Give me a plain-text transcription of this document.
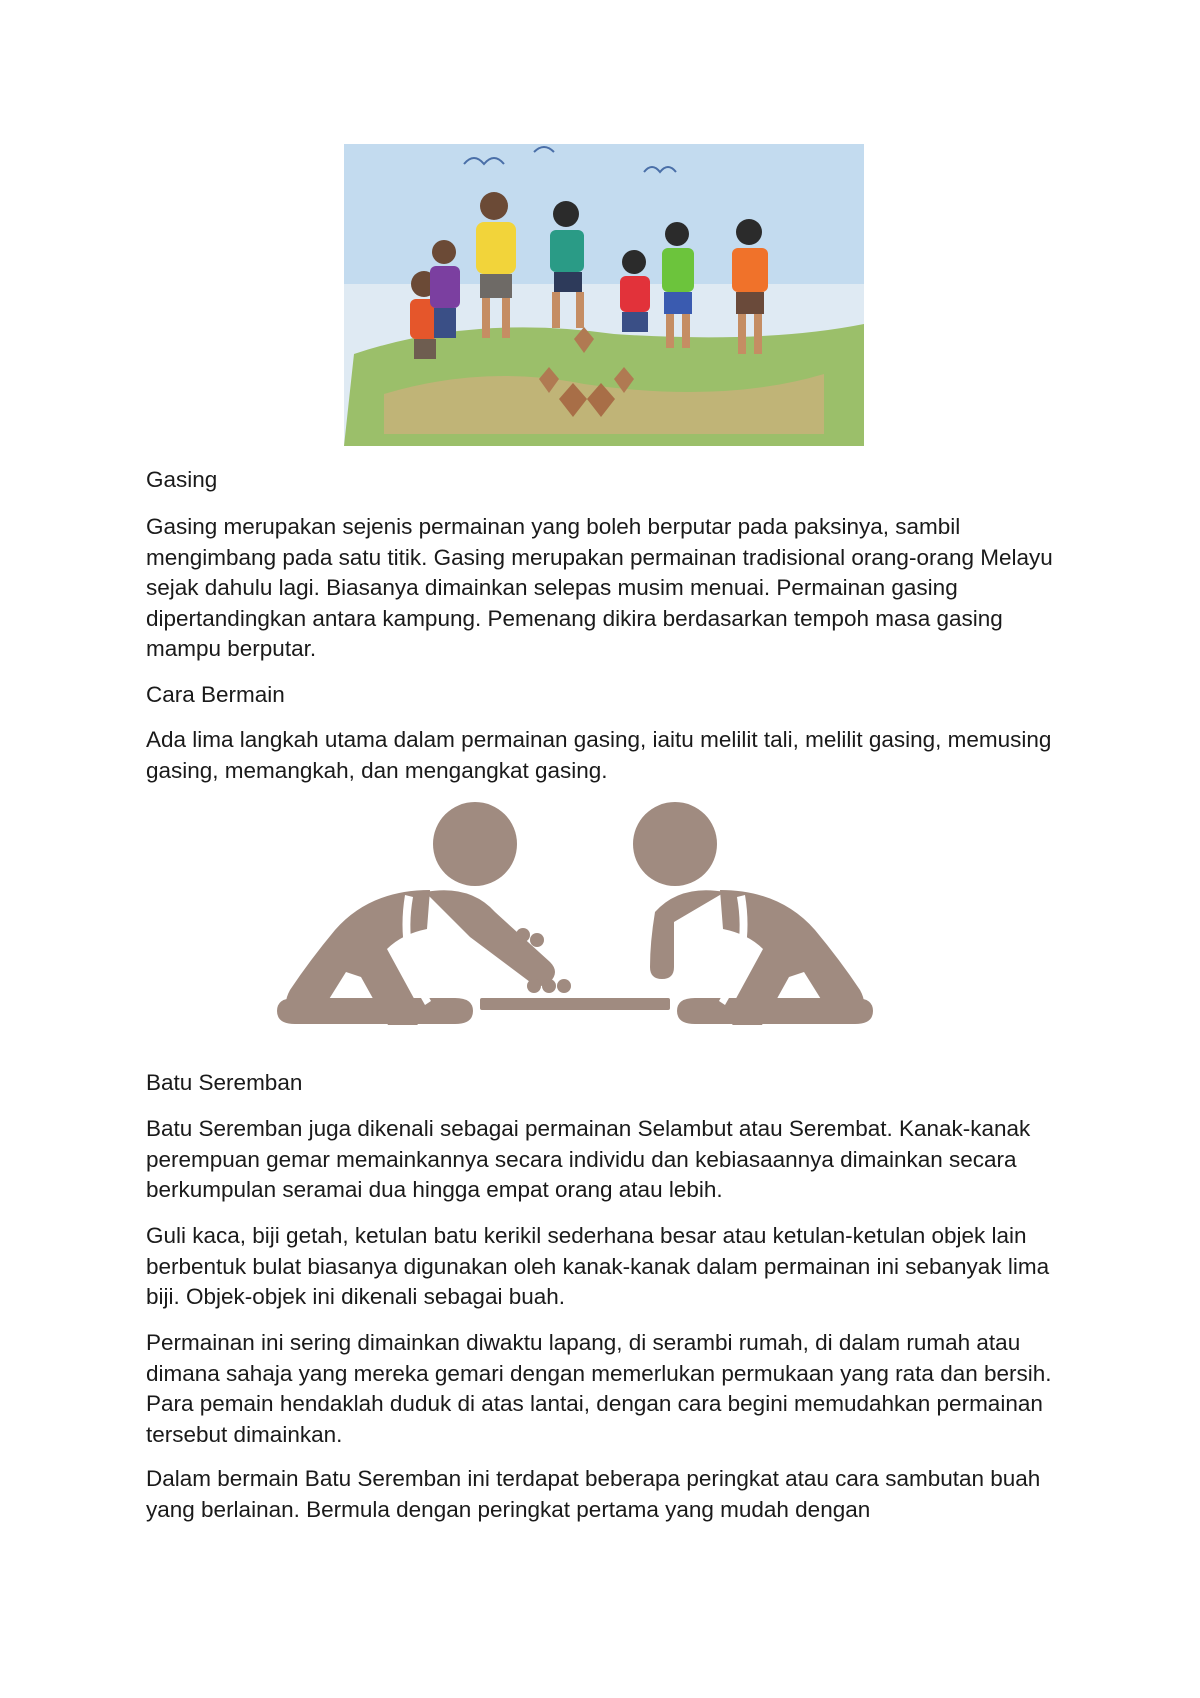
Gasing

Gasing merupakan sejenis permainan yang boleh berputar pada paksinya, sambil mengimbang pada satu titik. Gasing merupakan permainan tradisional orang-orang Melayu sejak dahulu lagi. Biasanya dimainkan selepas musim menuai. Permainan gasing dipertandingkan antara kampung. Pemenang dikira berdasarkan tempoh masa gasing mampu berputar.

Cara Bermain

Ada lima langkah utama dalam permainan gasing, iaitu melilit tali, melilit gasing, memusing gasing, memangkah, dan mengangkat gasing.

Batu Seremban

Batu Seremban juga dikenali sebagai permainan Selambut atau Serembat. Kanak-kanak perempuan gemar memainkannya secara individu dan kebiasaannya dimainkan secara berkumpulan seramai dua hingga empat orang atau lebih.

Guli kaca, biji getah, ketulan batu kerikil sederhana besar atau ketulan-ketulan objek lain berbentuk bulat biasanya digunakan oleh kanak-kanak dalam permainan ini sebanyak lima biji. Objek-objek ini dikenali sebagai buah.

Permainan ini sering dimainkan diwaktu lapang, di serambi rumah, di dalam rumah atau dimana sahaja yang mereka gemari dengan memerlukan permukaan yang rata dan bersih. Para pemain hendaklah duduk di atas lantai, dengan cara begini memudahkan permainan tersebut dimainkan.

Dalam bermain Batu Seremban ini terdapat beberapa peringkat atau cara sambutan buah yang berlainan. Bermula dengan peringkat pertama yang mudah dengan
